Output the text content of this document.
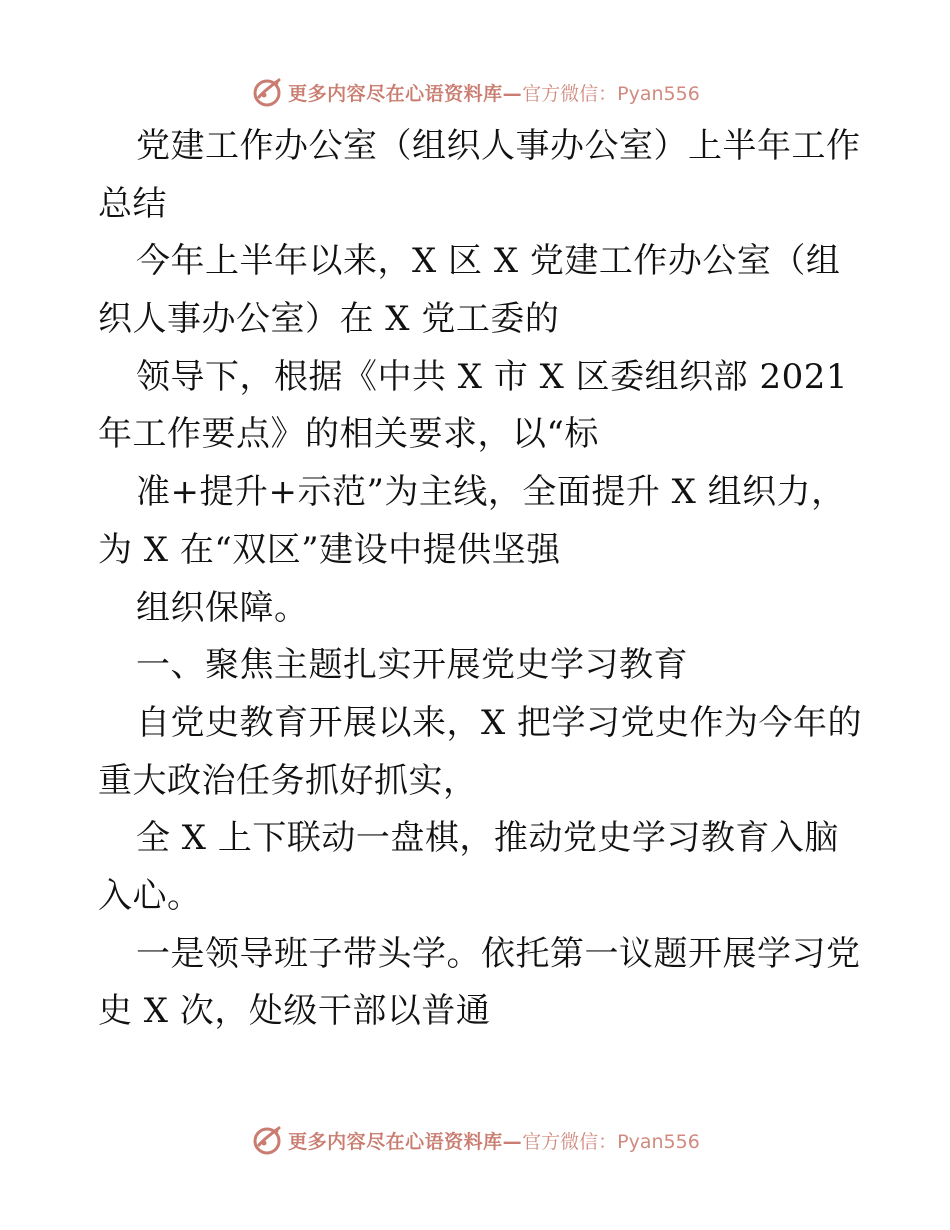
更多内容尽在心语资料库— 官方微信：Pyan556
党建工作办公室（组织人事办公室）上半年工作
总结
今年上半年以来，X 区 X 党建工作办公室（组
织人事办公室）在 X 党工委的
领导下，根据《中共 X 市 X 区委组织部 2021
年工作要点》的相关要求，以“标
准+提升+示范”为主线，全面提升 X 组织力，
为 X 在“双区”建设中提供坚强
组织保障。
一、聚焦主题扎实开展党史学习教育
自党史教育开展以来，X 把学习党史作为今年的
重大政治任务抓好抓实，
全 X 上下联动一盘棋，推动党史学习教育入脑
入心。
一是领导班子带头学。依托第一议题开展学习党
史 X 次，处级干部以普通
更多内容尽在心语资料库— 官方微信：Pyan556
